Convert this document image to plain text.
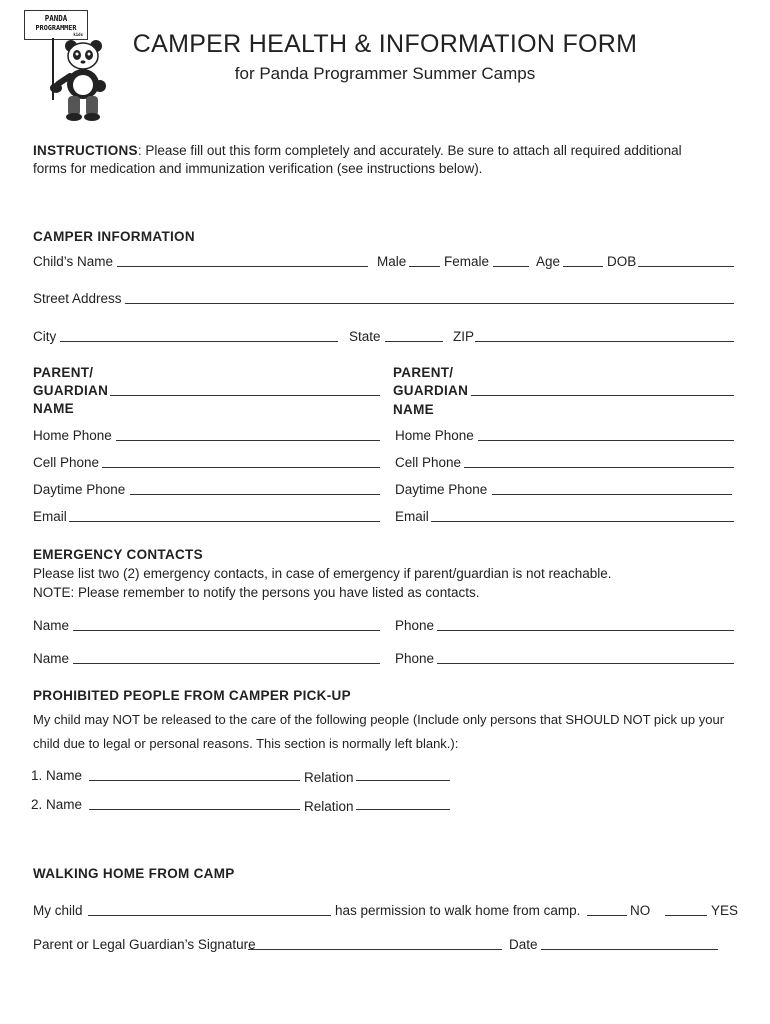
PANDA
PROGRAMMER
kids	CAMPER HEALTH & INFORMATION FORM
for Panda Programmer Summer Camps
INSTRUCTIONS: Please fill out this form completely and accurately. Be sure to attach all required additional
forms for medication and immunization verification (see instructions below).
CAMPER INFORMATION
Child’s Name	Male	Female	Age	DOB
Street Address
City	State	ZIP
PARENT/
GUARDIAN
NAME
PARENT/
GUARDIAN
NAME
Home Phone	Home Phone
Cell Phone	Cell Phone
Daytime Phone	Daytime Phone
Email	Email
EMERGENCY CONTACTS
Please list two (2) emergency contacts, in case of emergency if parent/guardian is not reachable.
NOTE: Please remember to notify the persons you have listed as contacts.
Name	Phone
Name	Phone
PROHIBITED PEOPLE FROM CAMPER PICK-UP
My child may NOT be released to the care of the following people (Include only persons that SHOULD NOT pick up your
child due to legal or personal reasons. This section is normally left blank.):
1. Name	Relation
2. Name	Relation
WALKING HOME FROM CAMP
My child	has permission to walk home from camp.	NO	YES
Parent or Legal Guardian’s Signature	Date
